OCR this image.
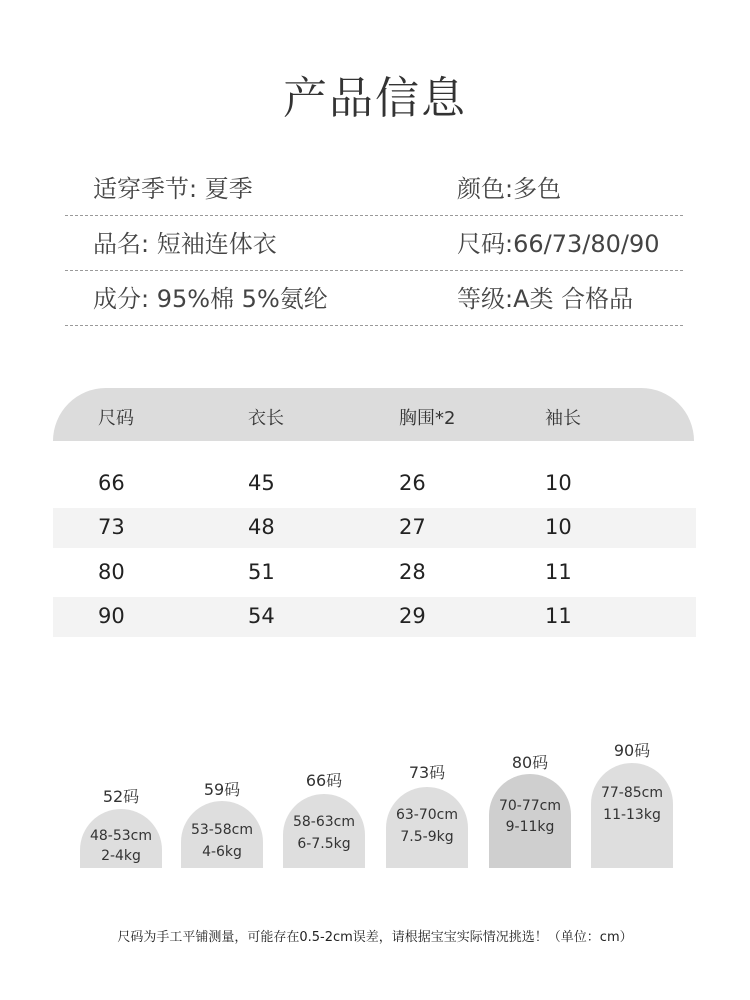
产品信息
适穿季节: 夏季	颜色:多色
品名: 短袖连体衣	尺码:66/73/80/90
成分: 95%棉 5%氨纶	等级:A类 合格品
尺码	衣长	胸围*2	袖长
66	45	26	10
73	48	27	10
80	51	28	11
90	54	29	11
52码
48-53cm
2-4kg
59码
53-58cm
4-6kg
66码
58-63cm
6-7.5kg
73码
63-70cm
7.5-9kg
80码
70-77cm
9-11kg
90码
77-85cm
11-13kg
尺码为手工平铺测量，可能存在0.5-2cm误差，请根据宝宝实际情况挑选！（单位：cm）
